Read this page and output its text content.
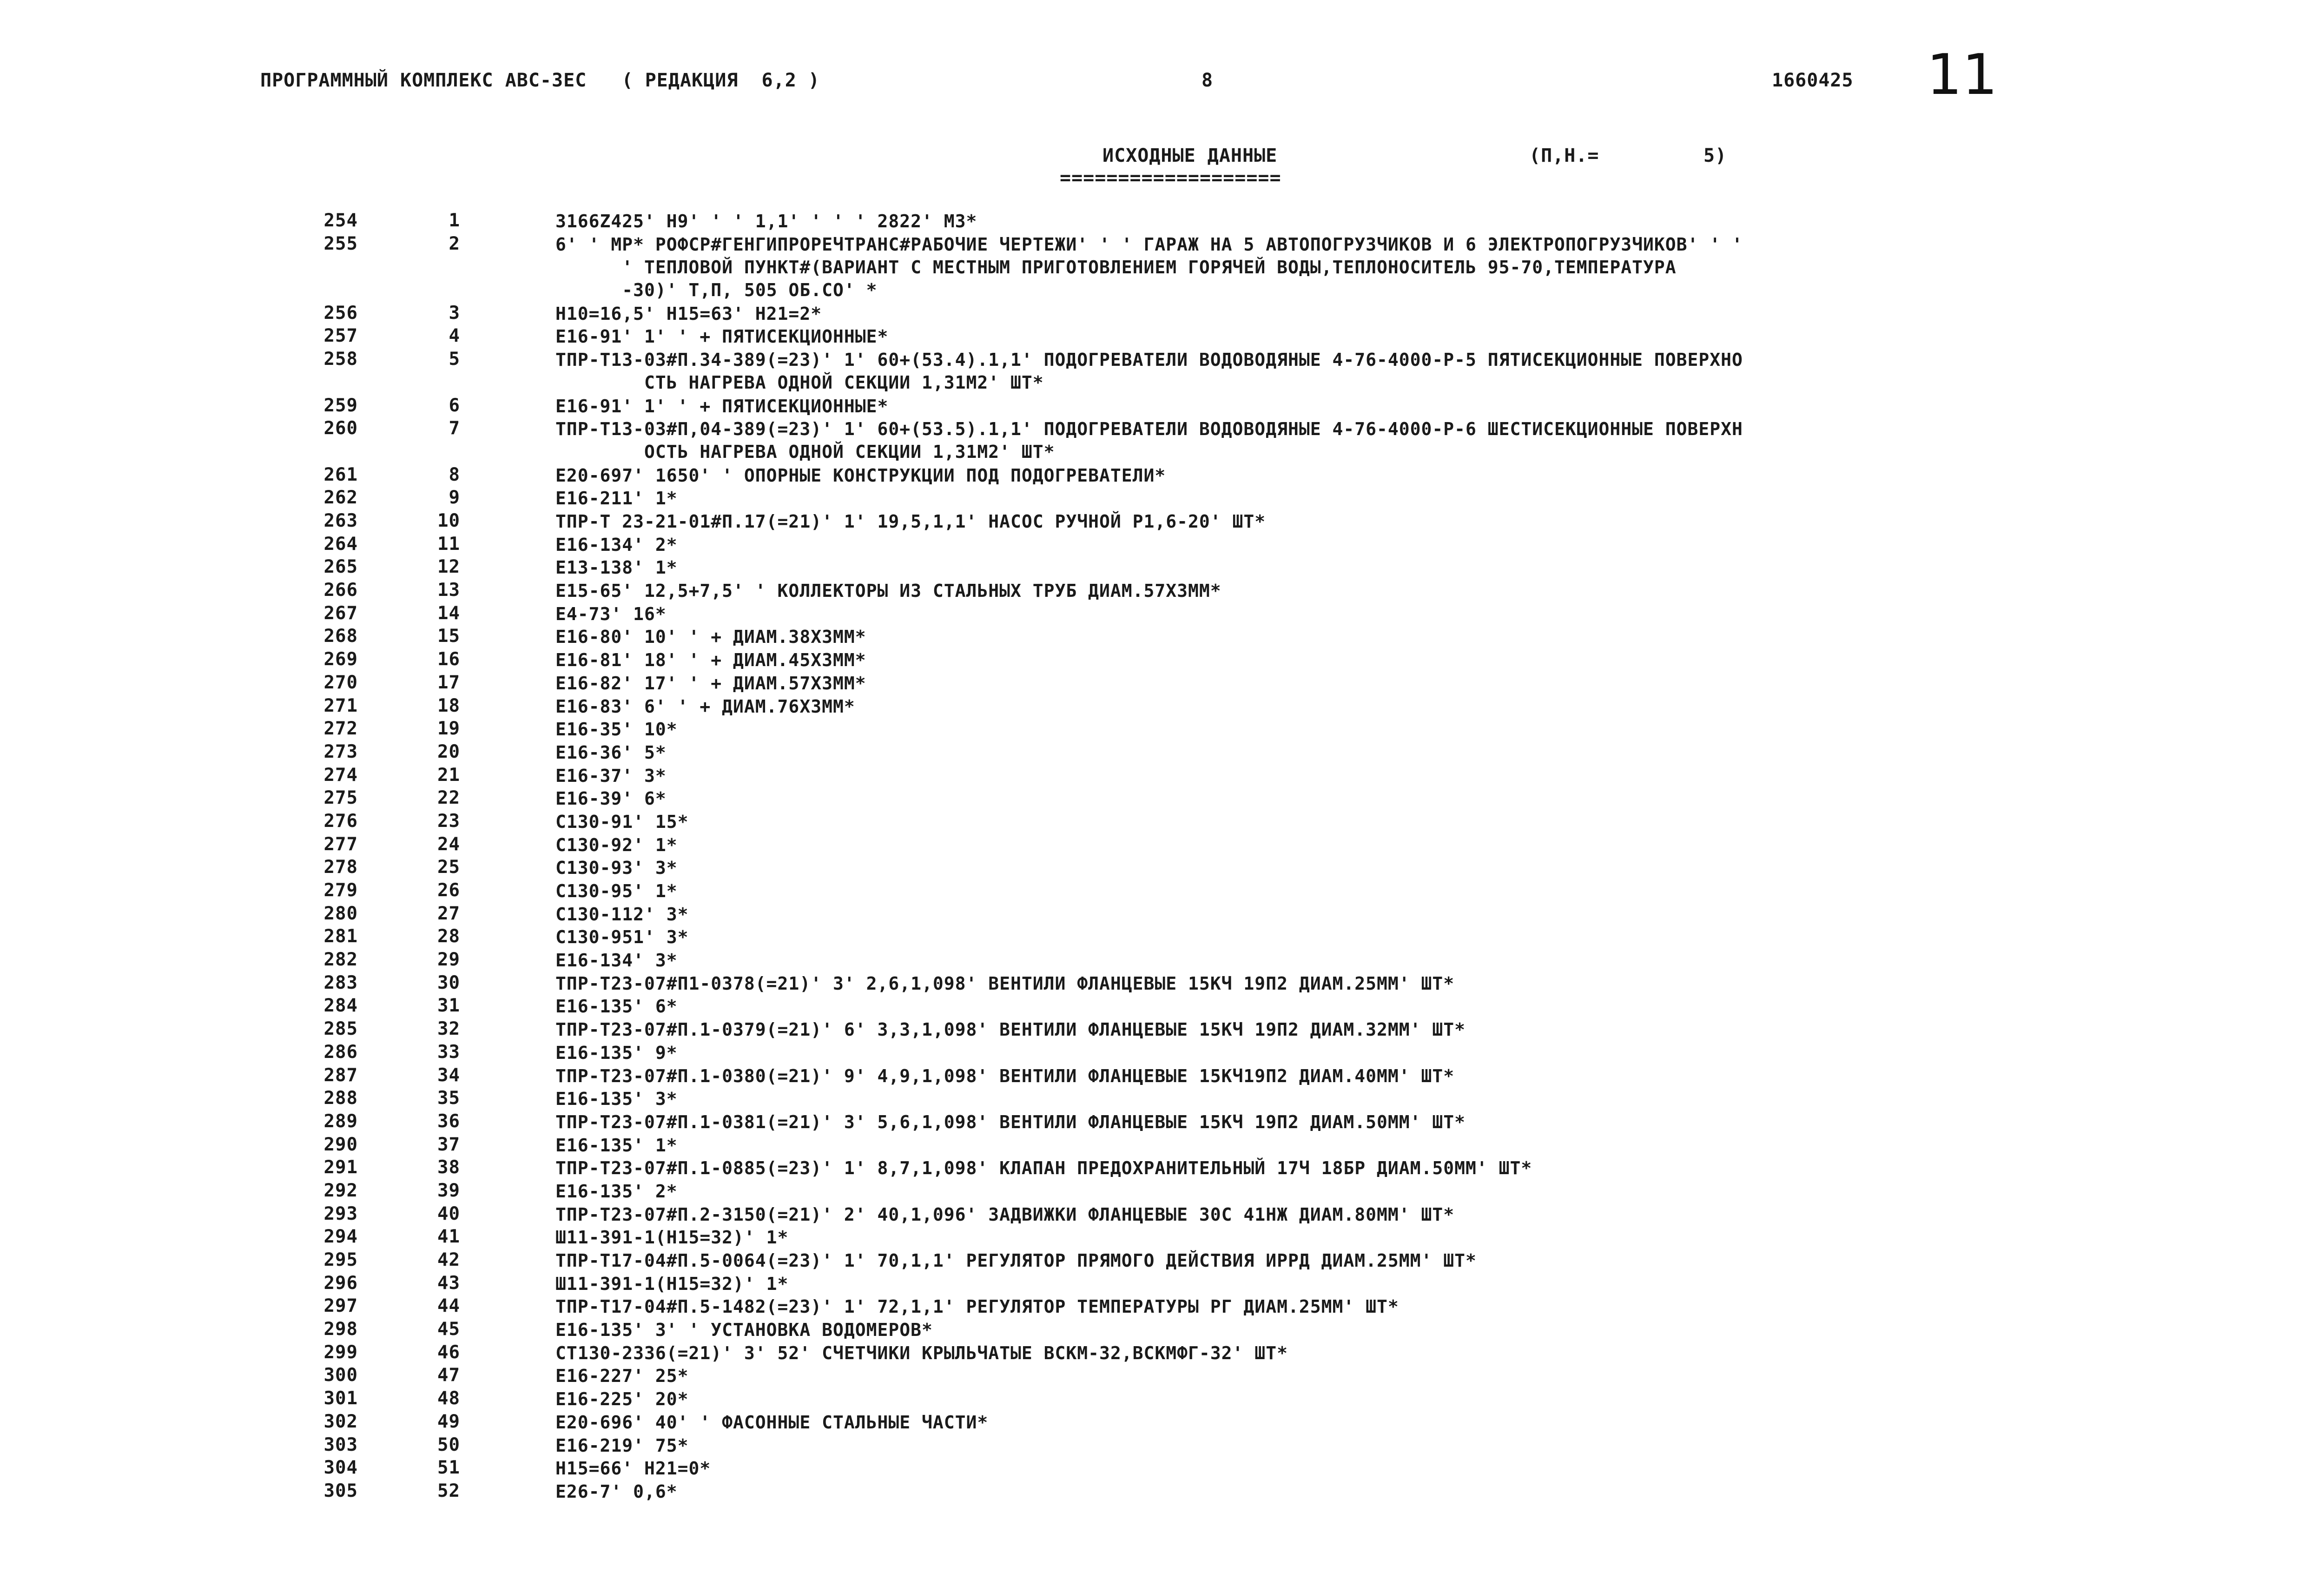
ПРОГРАММНЫЙ КОМПЛЕКС АВС-ЗЕС   ( РЕДАКЦИЯ  6,2 )	8	1660425 11
ИСХОДНЫЕ ДАННЫЕ
===================
(П,Н.=	5)
254	1	3166Z425' Н9' ' ' 1,1' ' ' ' 2822' МЗ*
255	2	6' ' МР* РОФСР#ГЕНГИПРОРЕЧТРАНС#РАБОЧИЕ ЧЕРТЕЖИ' ' ' ГАРАЖ НА 5 АВТОПОГРУЗЧИКОВ И 6 ЭЛЕКТРОПОГРУЗЧИКОВ' ' '
' ТЕПЛОВОЙ ПУНКТ#(ВАРИАНТ С МЕСТНЫМ ПРИГОТОВЛЕНИЕМ ГОРЯЧЕЙ ВОДЫ,ТЕПЛОНОСИТЕЛЬ 95-70,ТЕМПЕРАТУРА
-30)' Т,П, 505 ОБ.СО' *
256	3	Н10=16,5' Н15=63' Н21=2*
257	4	Е16-91' 1' ' + ПЯТИСЕКЦИОННЫЕ*
258	5	ТПР-Т13-03#П.34-389(=23)' 1' 60+(53.4).1,1' ПОДОГРЕВАТЕЛИ ВОДОВОДЯНЫЕ 4-76-4000-Р-5 ПЯТИСЕКЦИОННЫЕ ПОВЕРХНО
СТЬ НАГРЕВА ОДНОЙ СЕКЦИИ 1,31М2' ШТ*
259	6	Е16-91' 1' ' + ПЯТИСЕКЦИОННЫЕ*
260	7	ТПР-Т13-03#П,04-389(=23)' 1' 60+(53.5).1,1' ПОДОГРЕВАТЕЛИ ВОДОВОДЯНЫЕ 4-76-4000-Р-6 ШЕСТИСЕКЦИОННЫЕ ПОВЕРХН
ОСТЬ НАГРЕВА ОДНОЙ СЕКЦИИ 1,31М2' ШТ*
261	8	Е20-697' 1650' ' ОПОРНЫЕ КОНСТРУКЦИИ ПОД ПОДОГРЕВАТЕЛИ*
262	9	Е16-211' 1*
263	10	ТПР-Т 23-21-01#П.17(=21)' 1' 19,5,1,1' НАСОС РУЧНОЙ Р1,6-20' ШТ*
264	11	Е16-134' 2*
265	12	Е13-138' 1*
266	13	Е15-65' 12,5+7,5' ' КОЛЛЕКТОРЫ ИЗ СТАЛЬНЫХ ТРУБ ДИАМ.57Х3ММ*
267	14	Е4-73' 16*
268	15	Е16-80' 10' ' + ДИАМ.38Х3ММ*
269	16	Е16-81' 18' ' + ДИАМ.45Х3ММ*
270	17	Е16-82' 17' ' + ДИАМ.57Х3ММ*
271	18	Е16-83' 6' ' + ДИАМ.76Х3ММ*
272	19	Е16-35' 10*
273	20	Е16-36' 5*
274	21	Е16-37' 3*
275	22	Е16-39' 6*
276	23	С130-91' 15*
277	24	С130-92' 1*
278	25	С130-93' 3*
279	26	С130-95' 1*
280	27	С130-112' 3*
281	28	С130-951' 3*
282	29	Е16-134' 3*
283	30	ТПР-Т23-07#П1-0378(=21)' 3' 2,6,1,098' ВЕНТИЛИ ФЛАНЦЕВЫЕ 15КЧ 19П2 ДИАМ.25ММ' ШТ*
284	31	Е16-135' 6*
285	32	ТПР-Т23-07#П.1-0379(=21)' 6' 3,3,1,098' ВЕНТИЛИ ФЛАНЦЕВЫЕ 15КЧ 19П2 ДИАМ.32ММ' ШТ*
286	33	Е16-135' 9*
287	34	ТПР-Т23-07#П.1-0380(=21)' 9' 4,9,1,098' ВЕНТИЛИ ФЛАНЦЕВЫЕ 15КЧ19П2 ДИАМ.40ММ' ШТ*
288	35	Е16-135' 3*
289	36	ТПР-Т23-07#П.1-0381(=21)' 3' 5,6,1,098' ВЕНТИЛИ ФЛАНЦЕВЫЕ 15КЧ 19П2 ДИАМ.50ММ' ШТ*
290	37	Е16-135' 1*
291	38	ТПР-Т23-07#П.1-0885(=23)' 1' 8,7,1,098' КЛАПАН ПРЕДОХРАНИТЕЛЬНЫЙ 17Ч 18БР ДИАМ.50ММ' ШТ*
292	39	Е16-135' 2*
293	40	ТПР-Т23-07#П.2-3150(=21)' 2' 40,1,096' ЗАДВИЖКИ ФЛАНЦЕВЫЕ 30С 41НЖ ДИАМ.80ММ' ШТ*
294	41	Ш11-391-1(Н15=32)' 1*
295	42	ТПР-Т17-04#П.5-0064(=23)' 1' 70,1,1' РЕГУЛЯТОР ПРЯМОГО ДЕЙСТВИЯ ИРРД ДИАМ.25ММ' ШТ*
296	43	Ш11-391-1(Н15=32)' 1*
297	44	ТПР-Т17-04#П.5-1482(=23)' 1' 72,1,1' РЕГУЛЯТОР ТЕМПЕРАТУРЫ РГ ДИАМ.25ММ' ШТ*
298	45	Е16-135' 3' ' УСТАНОВКА ВОДОМЕРОВ*
299	46	СТ130-2336(=21)' 3' 52' СЧЕТЧИКИ КРЫЛЬЧАТЫЕ ВСКМ-32,ВСКМФГ-32' ШТ*
300	47	Е16-227' 25*
301	48	Е16-225' 20*
302	49	Е20-696' 40' ' ФАСОННЫЕ СТАЛЬНЫЕ ЧАСТИ*
303	50	Е16-219' 75*
304	51	Н15=66' Н21=0*
305	52	Е26-7' 0,6*
